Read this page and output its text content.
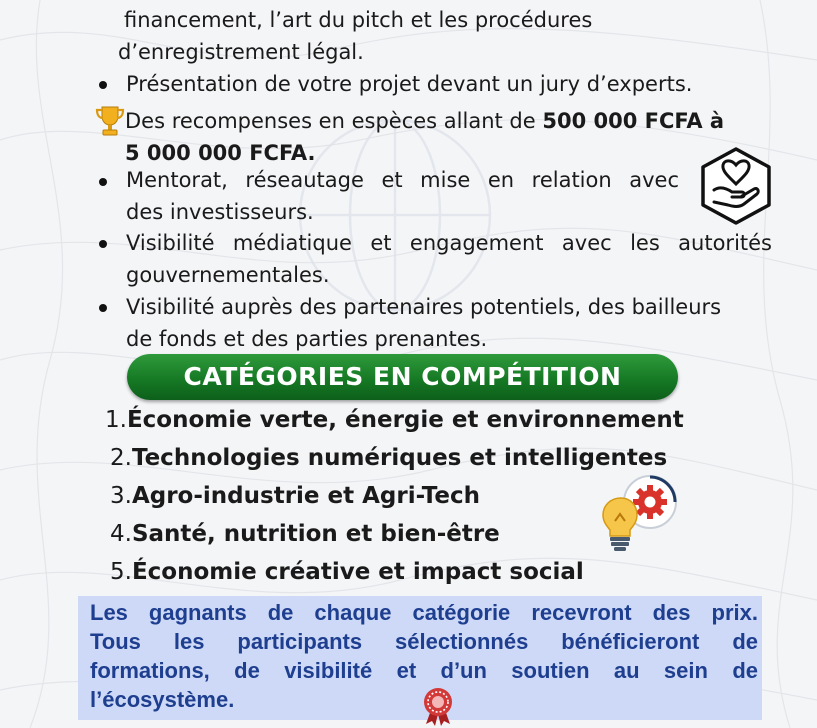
financement, l’art du pitch et les procédures
d’enregistrement légal.
Présentation de votre projet devant un jury d’experts.
Des recompenses en espèces allant de 500 000 FCFA à
5 000 000 FCFA.
Mentorat, réseautage et mise en relation avec
des investisseurs.
Visibilité médiatique et engagement avec les autorités
gouvernementales.
Visibilité auprès des partenaires potentiels, des bailleurs
de fonds et des parties prenantes.
CATÉGORIES EN COMPÉTITION
1.Économie verte, énergie et environnement
2.Technologies numériques et intelligentes
3.Agro-industrie et Agri-Tech
4.Santé, nutrition et bien-être
5.Économie créative et impact social
Les gagnants de chaque catégorie recevront des prix.
Tous les participants sélectionnés bénéficieront de
formations, de visibilité et d’un soutien au sein de
l’écosystème.
